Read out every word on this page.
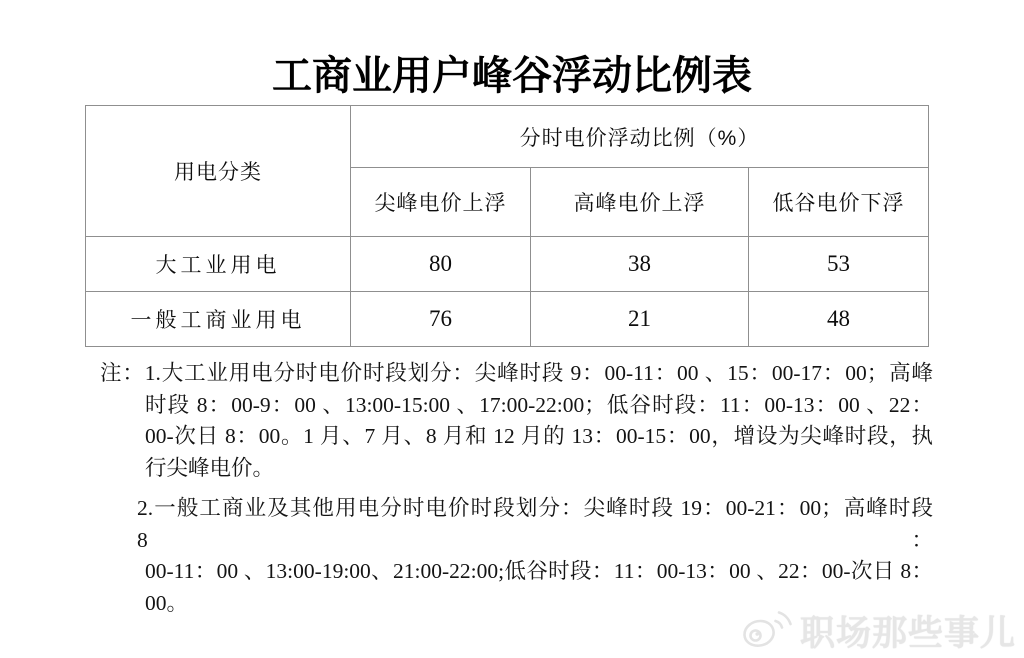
工商业用户峰谷浮动比例表
用电分类	分时电价浮动比例（%）		
	尖峰电价上浮	高峰电价上浮	低谷电价下浮
大工业用电	80	38	53
一般工商业用电	76	21	48
注：1.大工业用电分时电价时段划分：尖峰时段 9：00-11：00 、15：00-17：00；高峰
时段 8：00-9：00 、13:00-15:00 、17:00-22:00；低谷时段：11：00-13：00 、22：
00-次日 8：00。1 月、7 月、8 月和 12 月的 13：00-15：00，增设为尖峰时段，执
行尖峰电价。
2.一般工商业及其他用电分时电价时段划分：尖峰时段 19：00-21：00；高峰时段 8：
00-11：00 、13:00-19:00、21:00-22:00;低谷时段：11：00-13：00 、22：00-次日 8：
00。
职场那些事儿
